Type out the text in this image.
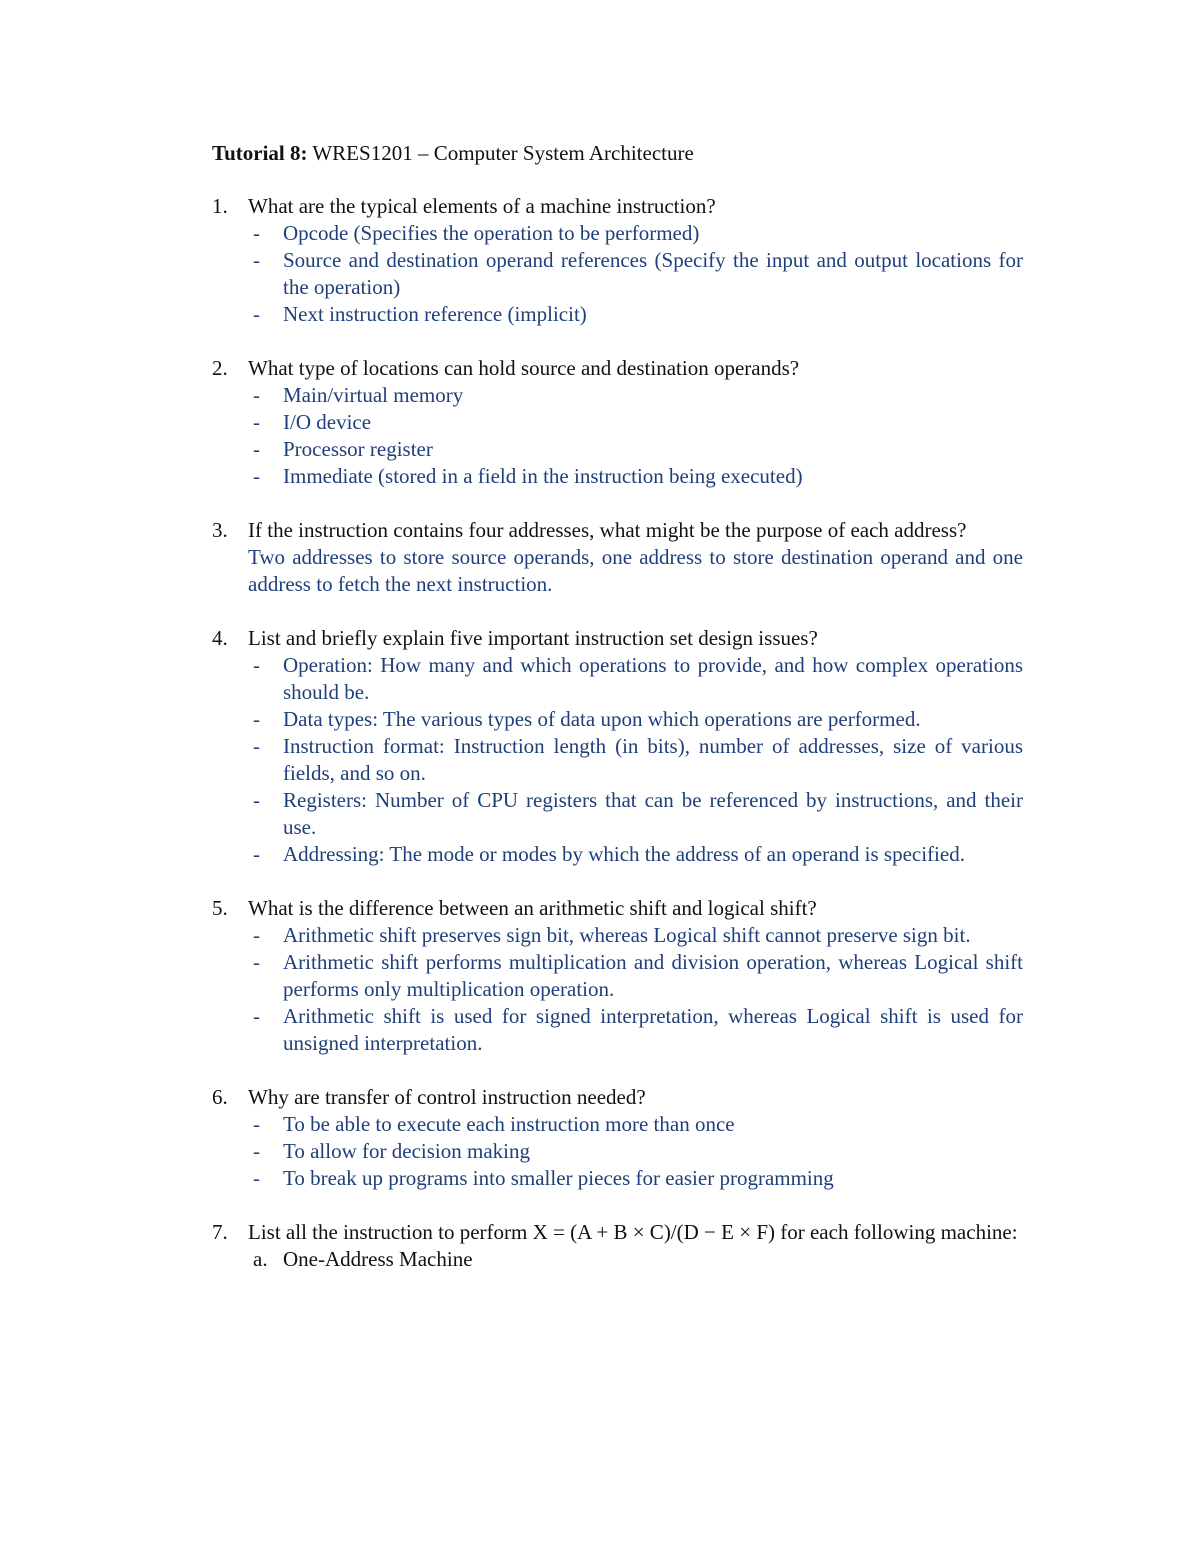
Tutorial 8: WRES1201 – Computer System Architecture
1. What are the typical elements of a machine instruction?
- Opcode (Specifies the operation to be performed)
- Source and destination operand references (Specify the input and output locations for the operation)
- Next instruction reference (implicit)
2. What type of locations can hold source and destination operands?
- Main/virtual memory
- I/O device
- Processor register
- Immediate (stored in a field in the instruction being executed)
3. If the instruction contains four addresses, what might be the purpose of each address?
Two addresses to store source operands, one address to store destination operand and one address to fetch the next instruction.
4. List and briefly explain five important instruction set design issues?
- Operation: How many and which operations to provide, and how complex operations should be.
- Data types: The various types of data upon which operations are performed.
- Instruction format: Instruction length (in bits), number of addresses, size of various fields, and so on.
- Registers: Number of CPU registers that can be referenced by instructions, and their use.
- Addressing: The mode or modes by which the address of an operand is specified.
5. What is the difference between an arithmetic shift and logical shift?
- Arithmetic shift preserves sign bit, whereas Logical shift cannot preserve sign bit.
- Arithmetic shift performs multiplication and division operation, whereas Logical shift performs only multiplication operation.
- Arithmetic shift is used for signed interpretation, whereas Logical shift is used for unsigned interpretation.
6. Why are transfer of control instruction needed?
- To be able to execute each instruction more than once
- To allow for decision making
- To break up programs into smaller pieces for easier programming
7. List all the instruction to perform X = (A + B × C)/(D − E × F) for each following machine:
a. One-Address Machine
